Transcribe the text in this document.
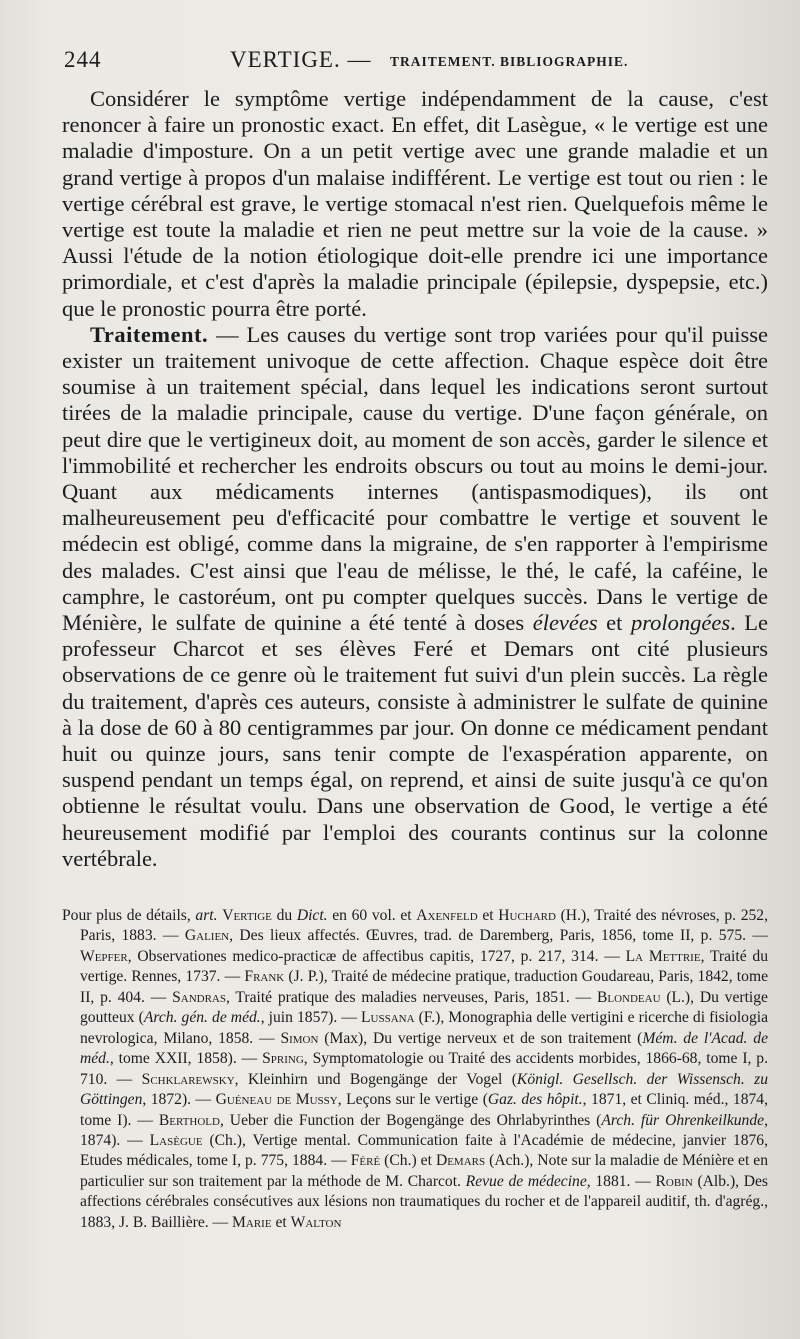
244	VERTIGE. — TRAITEMENT. BIBLIOGRAPHIE.

Considérer le symptôme vertige indépendamment de la cause, c'est renoncer à faire un pronostic exact. En effet, dit Lasègue, « le vertige est une maladie d'imposture. On a un petit vertige avec une grande maladie et un grand vertige à propos d'un malaise indifférent. Le vertige est tout ou rien : le vertige cérébral est grave, le vertige stomacal n'est rien. Quelquefois même le vertige est toute la maladie et rien ne peut mettre sur la voie de la cause. » Aussi l'étude de la notion étiologique doit-elle prendre ici une importance primordiale, et c'est d'après la maladie principale (épilepsie, dyspepsie, etc.) que le pronostic pourra être porté.

Traitement. — Les causes du vertige sont trop variées pour qu'il puisse exister un traitement univoque de cette affection. Chaque espèce doit être soumise à un traitement spécial, dans lequel les indications seront surtout tirées de la maladie principale, cause du vertige. D'une façon générale, on peut dire que le vertigineux doit, au moment de son accès, garder le silence et l'immobilité et rechercher les endroits obscurs ou tout au moins le demi-jour. Quant aux médicaments internes (antispasmodiques), ils ont malheureusement peu d'efficacité pour combattre le vertige et souvent le médecin est obligé, comme dans la migraine, de s'en rapporter à l'empirisme des malades. C'est ainsi que l'eau de mélisse, le thé, le café, la caféine, le camphre, le castoréum, ont pu compter quelques succès. Dans le vertige de Ménière, le sulfate de quinine a été tenté à doses élevées et prolongées. Le professeur Charcot et ses élèves Feré et Demars ont cité plusieurs observations de ce genre où le traitement fut suivi d'un plein succès. La règle du traitement, d'après ces auteurs, consiste à administrer le sulfate de quinine à la dose de 60 à 80 centigrammes par jour. On donne ce médicament pendant huit ou quinze jours, sans tenir compte de l'exaspération apparente, on suspend pendant un temps égal, on reprend, et ainsi de suite jusqu'à ce qu'on obtienne le résultat voulu. Dans une observation de Good, le vertige a été heureusement modifié par l'emploi des courants continus sur la colonne vertébrale.

Pour plus de détails, art. Vertige du Dict. en 60 vol. et Axenfeld et Huchard (H.), Traité des névroses, p. 252, Paris, 1883. — Galien, Des lieux affectés. Œuvres, trad. de Daremberg, Paris, 1856, tome II, p. 575. — Wepfer, Observationes medico-practicæ de affectibus capitis, 1727, p. 217, 314. — La Mettrie, Traité du vertige. Rennes, 1737. — Frank (J. P.), Traité de médecine pratique, traduction Goudareau, Paris, 1842, tome II, p. 404. — Sandras, Traité pratique des maladies nerveuses, Paris, 1851. — Blondeau (L.), Du vertige goutteux (Arch. gén. de méd., juin 1857). — Lussana (F.), Monographia delle vertigini e ricerche di fisiologia nevrologica, Milano, 1858. — Simon (Max), Du vertige nerveux et de son traitement (Mém. de l'Acad. de méd., tome XXII, 1858). — Spring, Symptomatologie ou Traité des accidents morbides, 1866-68, tome I, p. 710. — Schklarewsky, Kleinhirn und Bogengänge der Vogel (Königl. Gesellsch. der Wissensch. zu Göttingen, 1872). — Guéneau de Mussy, Leçons sur le vertige (Gaz. des hôpit., 1871, et Cliniq. méd., 1874, tome I). — Berthold, Ueber die Function der Bogengänge des Ohrlabyrinthes (Arch. für Ohrenkeilkunde, 1874). — Lasègue (Ch.), Vertige mental. Communication faite à l'Académie de médecine, janvier 1876, Etudes médicales, tome I, p. 775, 1884. — Féré (Ch.) et Demars (Ach.), Note sur la maladie de Ménière et en particulier sur son traitement par la méthode de M. Charcot. Revue de médecine, 1881. — Robin (Alb.), Des affections cérébrales consécutives aux lésions non traumatiques du rocher et de l'appareil auditif, th. d'agrég., 1883, J. B. Baillière. — Marie et Walton
